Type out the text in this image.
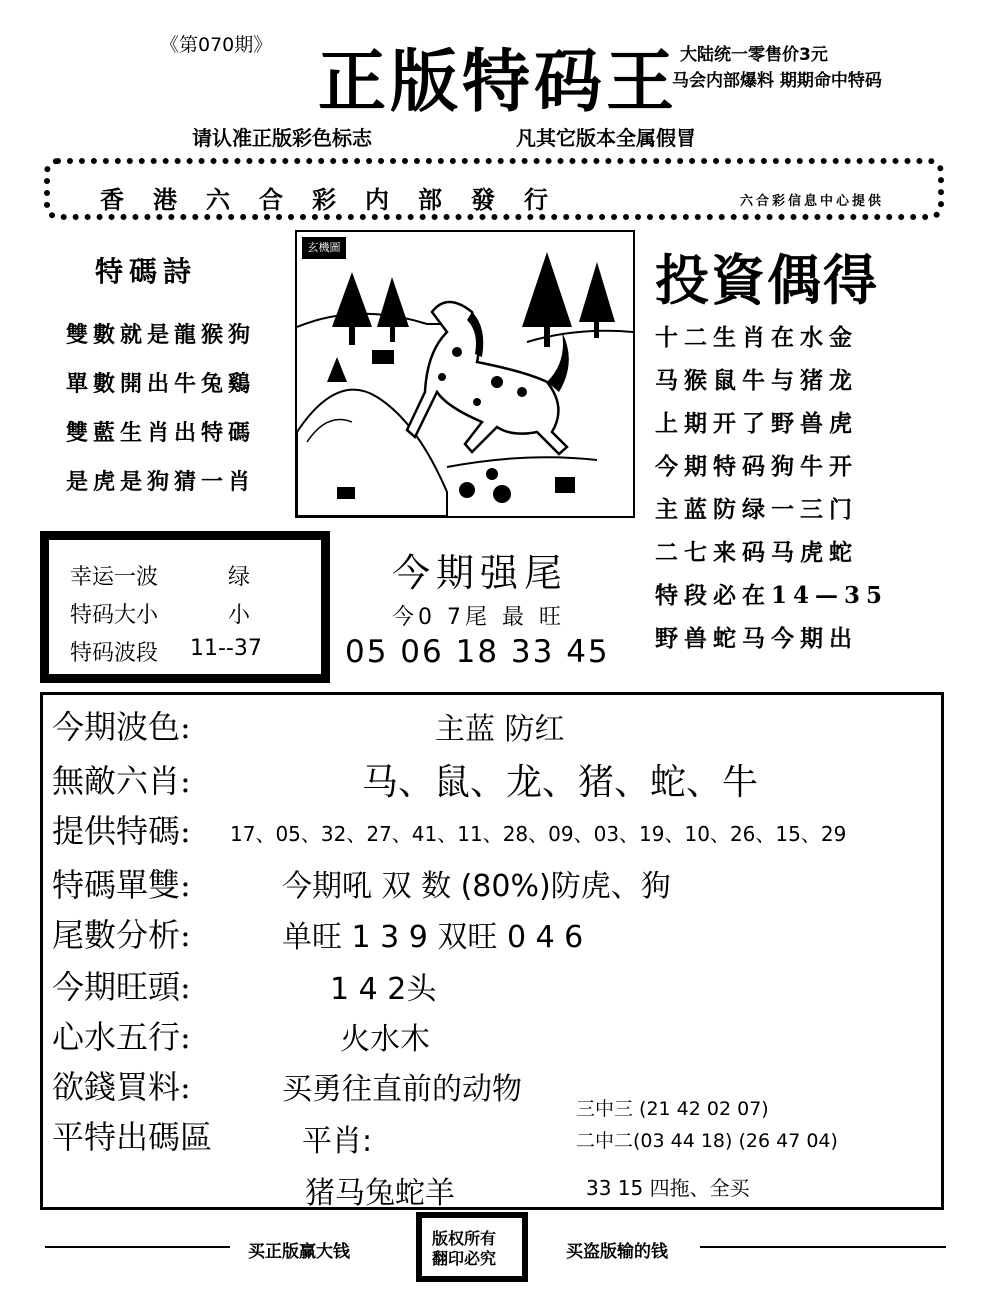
《第070期》 正版特码王 大陆统一零售价3元
马会内部爆料 期期命中特码
请认准正版彩色标志	凡其它版本全属假冒
香港六合彩内部發行	六合彩信息中心提供
特碼詩
雙數就是龍猴狗
單數開出牛兔鷄
雙藍生肖出特碼
是虎是狗猜一肖
玄機圖
投資偶得
十二生肖在水金
马猴鼠牛与猪龙
上期开了野兽虎
今期特码狗牛开
主蓝防绿一三门
二七来码马虎蛇
特段必在14—35
野兽蛇马今期出
幸运一波	绿
特码大小	小
特码波段 11--37
今期强尾
今0 7尾 最 旺
05 06 18 33 45
今期波色:	主蓝 防红
無敵六肖:	马、鼠、龙、猪、蛇、牛
提供特碼: 17、05、32、27、41、11、28、09、03、19、10、26、15、29
特碼單雙:	今期吼 双 数 (80%)防虎、狗
尾數分析:	单旺 1 3 9 双旺 0 4 6
今期旺頭:	1 4 2头
心水五行:	火水木
欲錢買料:	买勇往直前的动物
平特出碼區	平肖:
猪马兔蛇羊
三中三 (21 42 02 07)
二中二(03 44 18) (26 47 04)
33 15 四拖、全买
买正版赢大钱
版权所有
翻印必究	买盗版输的钱
